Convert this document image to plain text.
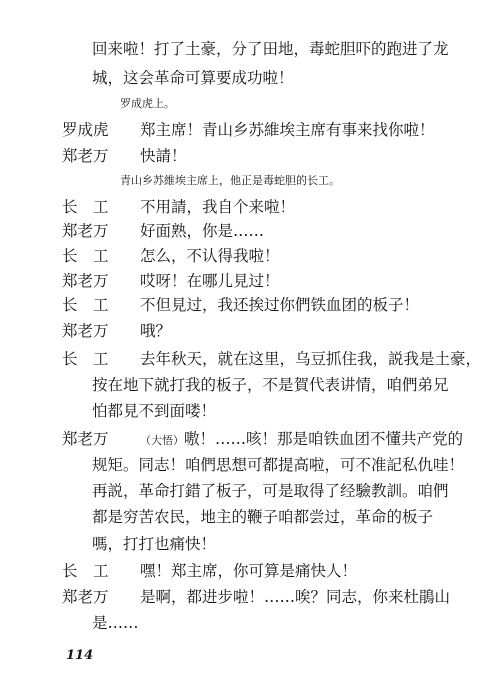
回来啦！打了土豪，分了田地，毒蛇胆吓的跑进了龙
城，这会革命可算要成功啦！
罗成虎上。
罗成虎	郑主席！青山乡苏維埃主席有事来找你啦！
郑老万	快請！
青山乡苏維埃主席上，他正是毒蛇胆的长工。
长　工	不用請，我自个来啦！
郑老万	好面熟，你是……
长　工	怎么，不认得我啦！
郑老万	哎呀！在哪儿見过！
长　工	不但見过，我还挨过你們铁血团的板子！
郑老万	哦？
长　工	去年秋天，就在这里，乌豆抓住我，説我是土豪，
按在地下就打我的板子，不是賀代表讲情，咱們弟兄
怕都見不到面喽！
郑老万	（大悟）嗷！……咳！那是咱铁血团不懂共产党的
规矩。同志！咱們思想可都提高啦，可不准記私仇哇！
再説，革命打錯了板子，可是取得了经驗教訓。咱們
都是穷苦农民，地主的鞭子咱都尝过，革命的板子
嗎，打打也痛快！
长　工	嘿！郑主席，你可算是痛快人！
郑老万	是啊，都进步啦！……唉？同志，你来杜鵑山
是……
114
